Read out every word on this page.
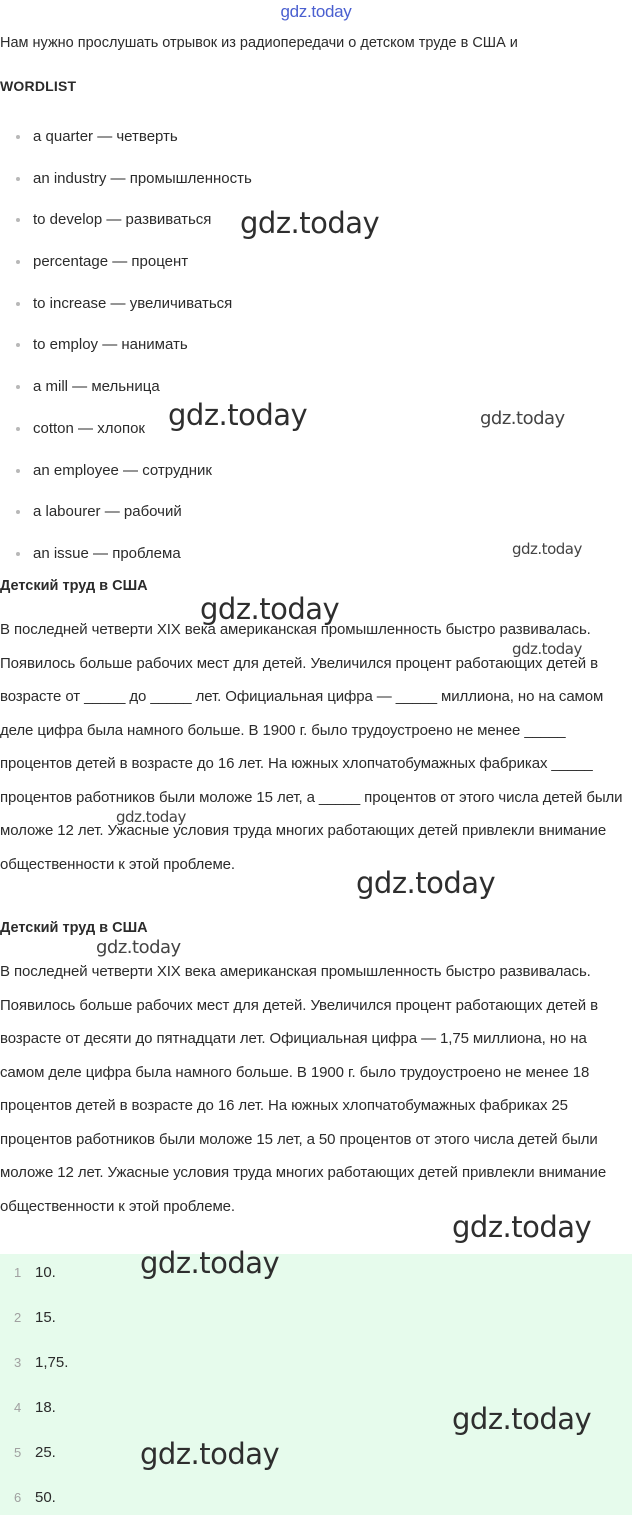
gdz.today
Нам нужно прослушать отрывок из радиопередачи о детском труде в США и
WORDLIST
a quarter — четверть
an industry — промышленность
to develop — развиваться
percentage — процент
to increase — увеличиваться
to employ — нанимать
a mill — мельница
cotton — хлопок
an employee — сотрудник
a labourer — рабочий
an issue — проблема
Детский труд в США
В последней четверти XIX века американская промышленность быстро развивалась. Появилось больше рабочих мест для детей. Увеличился процент работающих детей в возрасте от _____ до _____ лет. Официальная цифра — _____ миллиона, но на самом деле цифра была намного больше. В 1900 г. было трудоустроено не менее _____ процентов детей в возрасте до 16 лет. На южных хлопчатобумажных фабриках _____ процентов работников были моложе 15 лет, а _____ процентов от этого числа детей были моложе 12 лет. Ужасные условия труда многих работающих детей привлекли внимание общественности к этой проблеме.
Детский труд в США
В последней четверти XIX века американская промышленность быстро развивалась. Появилось больше рабочих мест для детей. Увеличился процент работающих детей в возрасте от десяти до пятнадцати лет. Официальная цифра — 1,75 миллиона, но на самом деле цифра была намного больше. В 1900 г. было трудоустроено не менее 18 процентов детей в возрасте до 16 лет. На южных хлопчатобумажных фабриках 25 процентов работников были моложе 15 лет, а 50 процентов от этого числа детей были моложе 12 лет. Ужасные условия труда многих работающих детей привлекли внимание общественности к этой проблеме.
1 10.
2 15.
3 1,75.
4 18.
5 25.
6 50.
gdz.today
gdz.today	gdz.today
gdz.today
gdz.today
gdz.today
gdz.today
gdz.today
gdz.today
gdz.today
gdz.today
gdz.today
gdz.today
